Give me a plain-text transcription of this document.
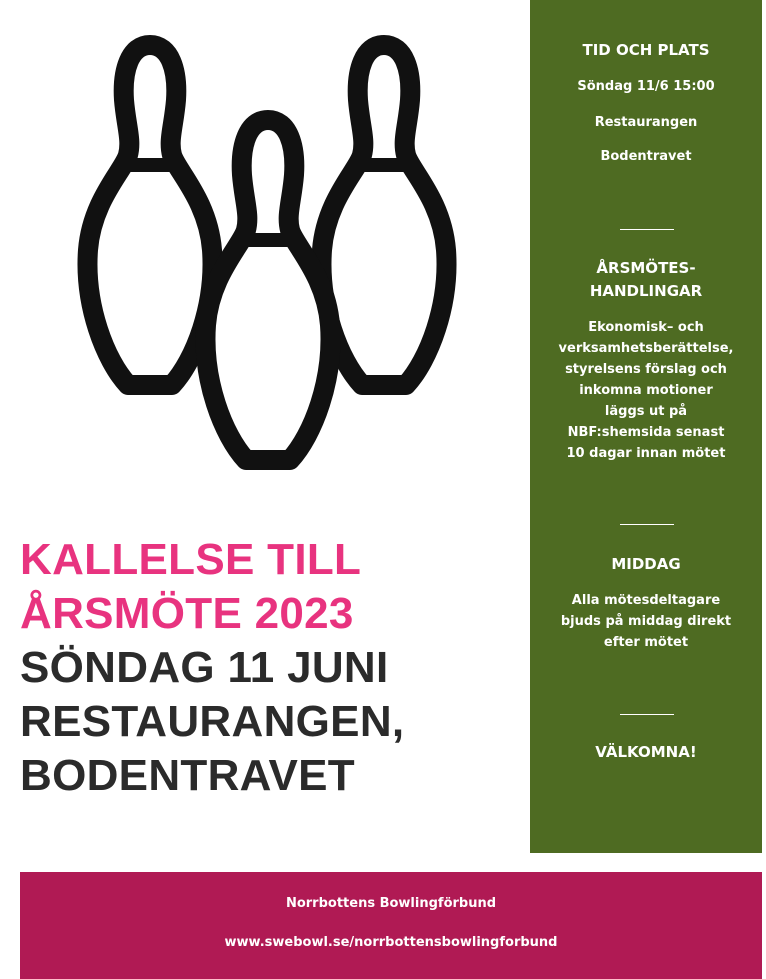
KALLELSE TILL
ÅRSMÖTE 2023
SÖNDAG 11 JUNI
RESTAURANGEN,
BODENTRAVET
TID OCH PLATS
Söndag 11/6 15:00
Restaurangen
Bodentravet
ÅRSMÖTES-
HANDLINGAR
Ekonomisk– och
verksamhetsberättelse,
styrelsens förslag och
inkomna motioner
läggs ut på
NBF:shemsida senast
10 dagar innan mötet
MIDDAG
Alla mötesdeltagare
bjuds på middag direkt
efter mötet
VÄLKOMNA!
Norrbottens Bowlingförbund
www.swebowl.se/norrbottensbowlingforbund
